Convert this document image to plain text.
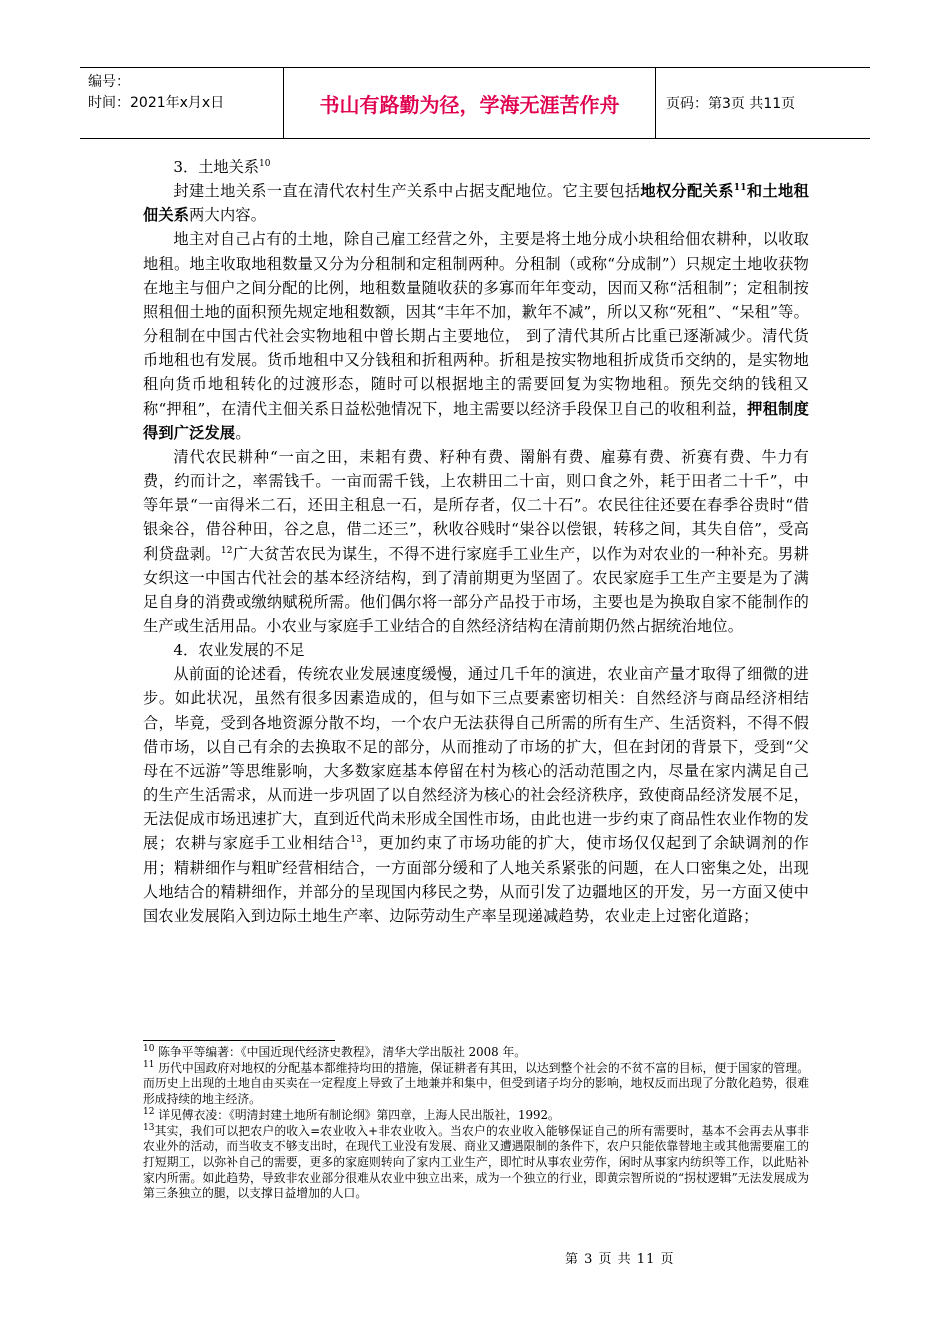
编号：
时间：2021年x月x日	书山有路勤为径，学海无涯苦作舟	页码：第3页 共11页

3．土地关系$^{10}$

封建土地关系一直在清代农村生产关系中占据支配地位。它主要包括地权分配关系$^{11}$和土地租佃关系两大内容。

地主对自己占有的土地，除自己雇工经营之外，主要是将土地分成小块租给佃农耕种，以收取地租。地主收取地租数量又分为分租制和定租制两种。分租制（或称“分成制”）只规定土地收获物在地主与佃户之间分配的比例，地租数量随收获的多寡而年年变动，因而又称“活租制”；定租制按照租佃土地的面积预先规定地租数额，因其“丰年不加，歉年不减”，所以又称“死租”、“呆租”等。分租制在中国古代社会实物地租中曾长期占主要地位， 到了清代其所占比重已逐渐减少。清代货币地租也有发展。货币地租中又分钱租和折租两种。折租是按实物地租折成货币交纳的，是实物地租向货币地租转化的过渡形态，随时可以根据地主的需要回复为实物地租。预先交纳的钱租又称“押租”，在清代主佃关系日益松弛情况下，地主需要以经济手段保卫自己的收租利益，押租制度得到广泛发展。

清代农民耕种“一亩之田，耒耜有费、籽种有费、罱斛有费、雇募有费、祈赛有费、牛力有费，约而计之，率需钱千。一亩而需千钱，上农耕田二十亩，则口食之外，耗于田者二十千”，中等年景“一亩得米二石，还田主租息一石，是所存者，仅二十石”。农民往往还要在春季谷贵时“借银籴谷，借谷种田，谷之息，借二还三”，秋收谷贱时“粜谷以偿银，转移之间，其失自倍”，受高利贷盘剥。$^{12}$广大贫苦农民为谋生，不得不进行家庭手工业生产，以作为对农业的一种补充。男耕女织这一中国古代社会的基本经济结构，到了清前期更为坚固了。农民家庭手工生产主要是为了满足自身的消费或缴纳赋税所需。他们偶尔将一部分产品投于市场，主要也是为换取自家不能制作的生产或生活用品。小农业与家庭手工业结合的自然经济结构在清前期仍然占据统治地位。

4．农业发展的不足

从前面的论述看，传统农业发展速度缓慢，通过几千年的演进，农业亩产量才取得了细微的进步。如此状况，虽然有很多因素造成的，但与如下三点要素密切相关：自然经济与商品经济相结合，毕竟，受到各地资源分散不均，一个农户无法获得自己所需的所有生产、生活资料，不得不假借市场，以自己有余的去换取不足的部分，从而推动了市场的扩大，但在封闭的背景下，受到“父母在不远游”等思维影响，大多数家庭基本停留在村为核心的活动范围之内，尽量在家内满足自己的生产生活需求，从而进一步巩固了以自然经济为核心的社会经济秩序，致使商品经济发展不足，无法促成市场迅速扩大，直到近代尚未形成全国性市场，由此也进一步约束了商品性农业作物的发展；农耕与家庭手工业相结合$^{13}$，更加约束了市场功能的扩大，使市场仅仅起到了余缺调剂的作用；精耕细作与粗旷经营相结合，一方面部分缓和了人地关系紧张的问题，在人口密集之处，出现人地结合的精耕细作，并部分的呈现国内移民之势，从而引发了边疆地区的开发，另一方面又使中国农业发展陷入到边际土地生产率、边际劳动生产率呈现递减趋势，农业走上过密化道路；

$^{10}$ 陈争平等编著：《中国近现代经济史教程》，清华大学出版社 2008 年。

$^{11}$ 历代中国政府对地权的分配基本都维持均田的措施，保证耕者有其田，以达到整个社会的不贫不富的目标，便于国家的管理。而历史上出现的土地自由买卖在一定程度上导致了土地兼并和集中，但受到诸子均分的影响，地权反而出现了分散化趋势，很难形成持续的地主经济。

$^{12}$ 详见傅衣凌：《明清封建土地所有制论纲》第四章，上海人民出版社，1992。

$^{13}$其实，我们可以把农户的收入=农业收入+非农业收入。当农户的农业收入能够保证自己的所有需要时，基本不会再去从事非农业外的活动，而当收支不够支出时，在现代工业没有发展、商业又遭遇限制的条件下，农户只能依靠替地主或其他需要雇工的打短期工，以弥补自己的需要，更多的家庭则转向了家内工业生产，即忙时从事农业劳作，闲时从事家内纺织等工作，以此贴补家内所需。如此趋势，导致非农业部分很难从农业中独立出来，成为一个独立的行业，即黄宗智所说的“拐杖逻辑”无法发展成为第三条独立的腿，以支撑日益增加的人口。

第 3 页 共 11 页
